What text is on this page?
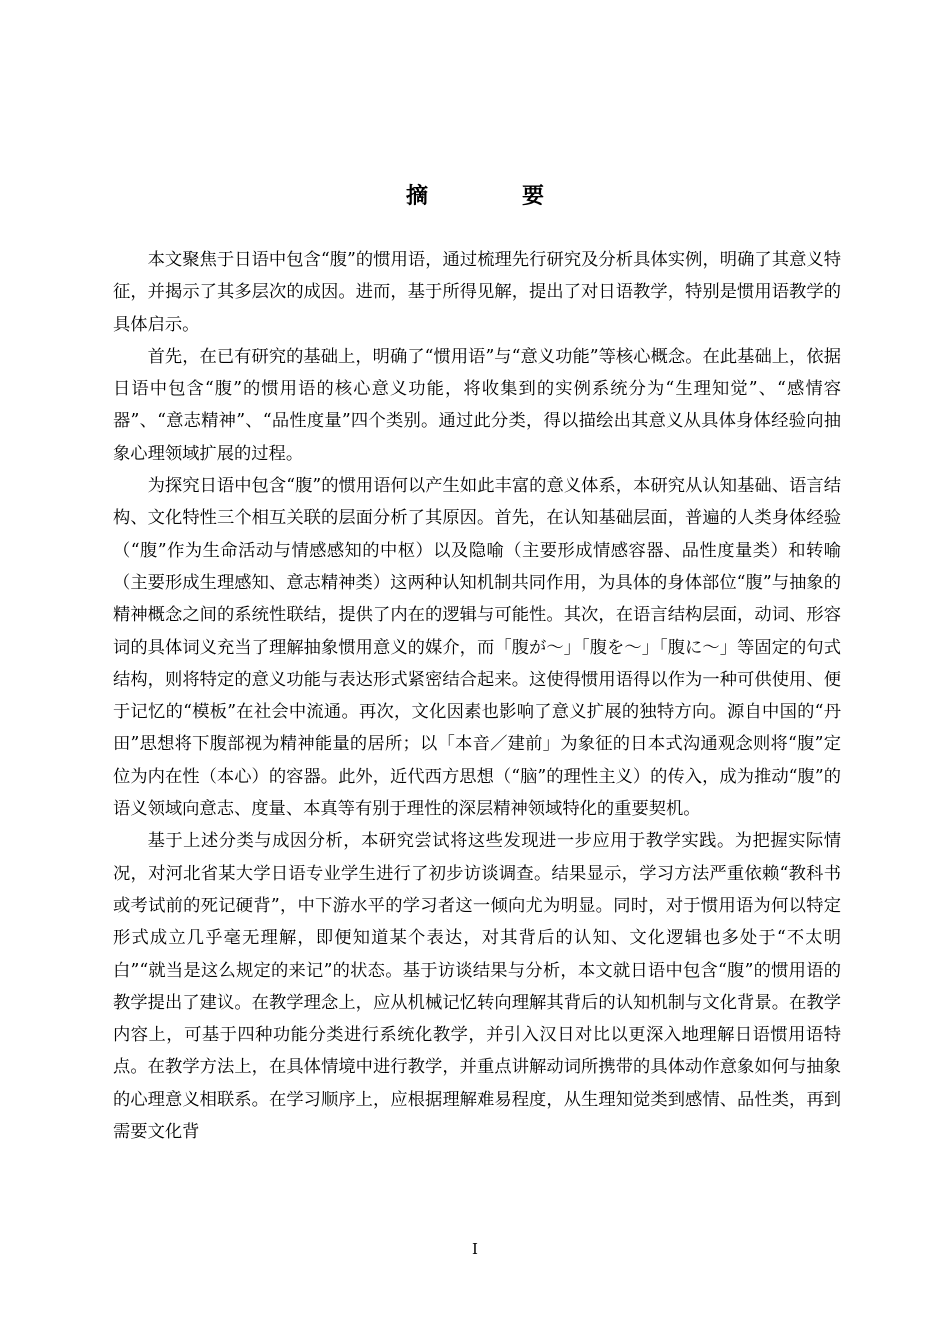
摘　要

本文聚焦于日语中包含“腹”的惯用语，通过梳理先行研究及分析具体实例，明确了其意义特征，并揭示了其多层次的成因。进而，基于所得见解，提出了对日语教学，特别是惯用语教学的具体启示。

首先，在已有研究的基础上，明确了“惯用语”与“意义功能”等核心概念。在此基础上，依据日语中包含“腹”的惯用语的核心意义功能，将收集到的实例系统分为“生理知觉”、“感情容器”、“意志精神”、“品性度量”四个类别。通过此分类，得以描绘出其意义从具体身体经验向抽象心理领域扩展的过程。

为探究日语中包含“腹”的惯用语何以产生如此丰富的意义体系，本研究从认知基础、语言结构、文化特性三个相互关联的层面分析了其原因。首先，在认知基础层面，普遍的人类身体经验（“腹”作为生命活动与情感感知的中枢）以及隐喻（主要形成情感容器、品性度量类）和转喻（主要形成生理感知、意志精神类）这两种认知机制共同作用，为具体的身体部位“腹”与抽象的精神概念之间的系统性联结，提供了内在的逻辑与可能性。其次，在语言结构层面，动词、形容词的具体词义充当了理解抽象惯用意义的媒介，而「腹が～」「腹を～」「腹に～」等固定的句式结构，则将特定的意义功能与表达形式紧密结合起来。这使得惯用语得以作为一种可供使用、便于记忆的“模板”在社会中流通。再次，文化因素也影响了意义扩展的独特方向。源自中国的“丹田”思想将下腹部视为精神能量的居所；以「本音／建前」为象征的日本式沟通观念则将“腹”定位为内在性（本心）的容器。此外，近代西方思想（“脑”的理性主义）的传入，成为推动“腹”的语义领域向意志、度量、本真等有别于理性的深层精神领域特化的重要契机。

基于上述分类与成因分析，本研究尝试将这些发现进一步应用于教学实践。为把握实际情况，对河北省某大学日语专业学生进行了初步访谈调查。结果显示，学习方法严重依赖“教科书或考试前的死记硬背”，中下游水平的学习者这一倾向尤为明显。同时，对于惯用语为何以特定形式成立几乎毫无理解，即便知道某个表达，对其背后的认知、文化逻辑也多处于“不太明白”“就当是这么规定的来记”的状态。基于访谈结果与分析，本文就日语中包含“腹”的惯用语的教学提出了建议。在教学理念上，应从机械记忆转向理解其背后的认知机制与文化背景。在教学内容上，可基于四种功能分类进行系统化教学，并引入汉日对比以更深入地理解日语惯用语特点。在教学方法上，在具体情境中进行教学，并重点讲解动词所携带的具体动作意象如何与抽象的心理意义相联系。在学习顺序上，应根据理解难易程度，从生理知觉类到感情、品性类，再到需要文化背

I
